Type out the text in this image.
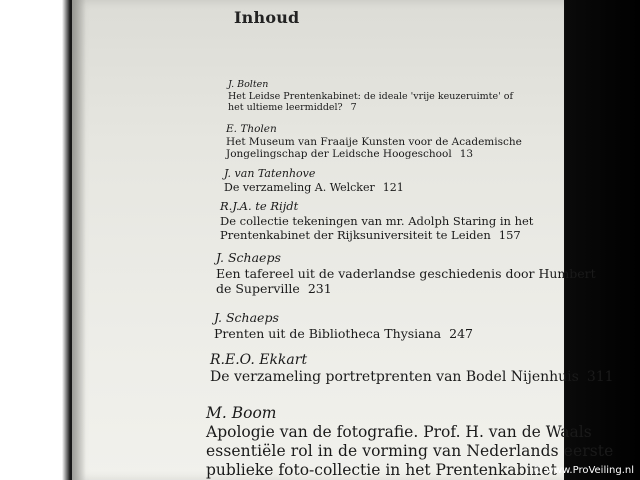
Inhoud
J. Bolten
Het Leidse Prentenkabinet: de ideale 'vrije keuzeruimte' of
het ultieme leermiddel? 7
E. Tholen
Het Museum van Fraaije Kunsten voor de Academische
Jongelingschap der Leidsche Hoogeschool 13
J. van Tatenhove
De verzameling A. Welcker 121
R.J.A. te Rijdt
De collectie tekeningen van mr. Adolph Staring in het
Prentenkabinet der Rijksuniversiteit te Leiden 157
J. Schaeps
Een tafereel uit de vaderlandse geschiedenis door Humbert
de Superville 231
J. Schaeps
Prenten uit de Bibliotheca Thysiana 247
R.E.O. Ekkart
De verzameling portretprenten van Bodel Nijenhuis 311
M. Boom
Apologie van de fotografie. Prof. H. van de Waals
essentiële rol in de vorming van Nederlands eerste
publieke foto-collectie in het Prentenkabinet
© www.ProVeiling.nl
